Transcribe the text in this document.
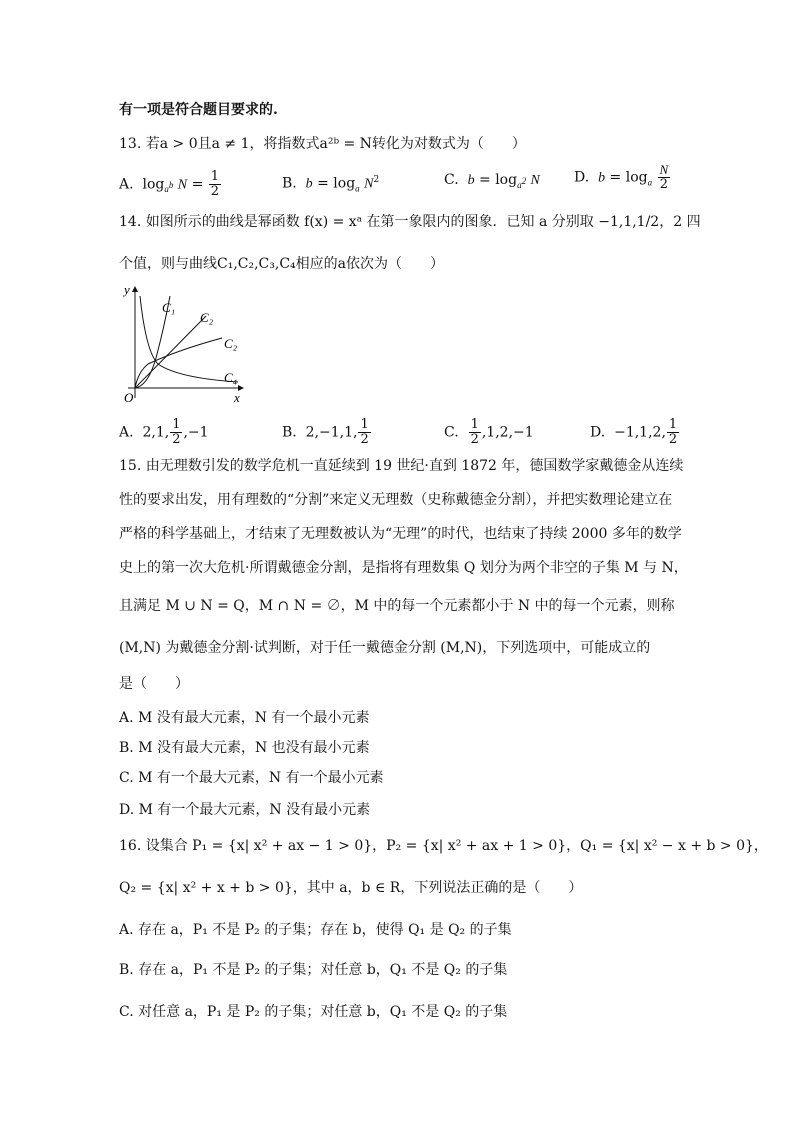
有一项是符合题目要求的.
13. 若a > 0且a ≠ 1，将指数式a²ᵇ = N转化为对数式为（　　）
A.  $\log_{a^b} N = \frac{1}{2}$	B. $b = \log_a N^2$	C. $b = \log_{a^2} N$ D. $b = \log_a \frac{N}{2}$
14. 如图所示的曲线是幂函数 f(x) = xᵃ 在第一象限内的图象．已知 a 分别取 −1,1,1/2，2 四
个值，则与曲线C₁,C₂,C₃,C₄相应的a依次为（　　）
y
x
O
C₁
C₂
C₂
C₄
A.  2,1, $\frac{1}{2} ,-1$	B.  2,−1,1, $\frac{1}{2}$	C. $\frac{1}{2} ,1,2,-1$	D.  −1,1,2, $\frac{1}{2}$
15. 由无理数引发的数学危机一直延续到 19 世纪·直到 1872 年，德国数学家戴德金从连续
性的要求出发，用有理数的“分割”来定义无理数（史称戴德金分割），并把实数理论建立在
严格的科学基础上，才结束了无理数被认为“无理”的时代，也结束了持续 2000 多年的数学
史上的第一次大危机·所谓戴德金分割，是指将有理数集 Q 划分为两个非空的子集 M 与 N，
且满足 M ∪ N = Q，M ∩ N = ∅，M 中的每一个元素都小于 N 中的每一个元素，则称
(M,N) 为戴德金分割·试判断，对于任一戴德金分割 (M,N)，下列选项中，可能成立的
是（　　）
A. M 没有最大元素，N 有一个最小元素
B. M 没有最大元素，N 也没有最小元素
C. M 有一个最大元素，N 有一个最小元素
D. M 有一个最大元素，N 没有最小元素
16. 设集合 P₁ = {x| x² + ax − 1 > 0}，P₂ = {x| x² + ax + 1 > 0}，Q₁ = {x| x² − x + b > 0}，
Q₂ = {x| x² + x + b > 0}，其中 a，b ∈ R，下列说法正确的是（　　）
A. 存在 a，P₁ 不是 P₂ 的子集；存在 b，使得 Q₁ 是 Q₂ 的子集
B. 存在 a，P₁ 不是 P₂ 的子集；对任意 b，Q₁ 不是 Q₂ 的子集
C. 对任意 a，P₁ 是 P₂ 的子集；对任意 b，Q₁ 不是 Q₂ 的子集
